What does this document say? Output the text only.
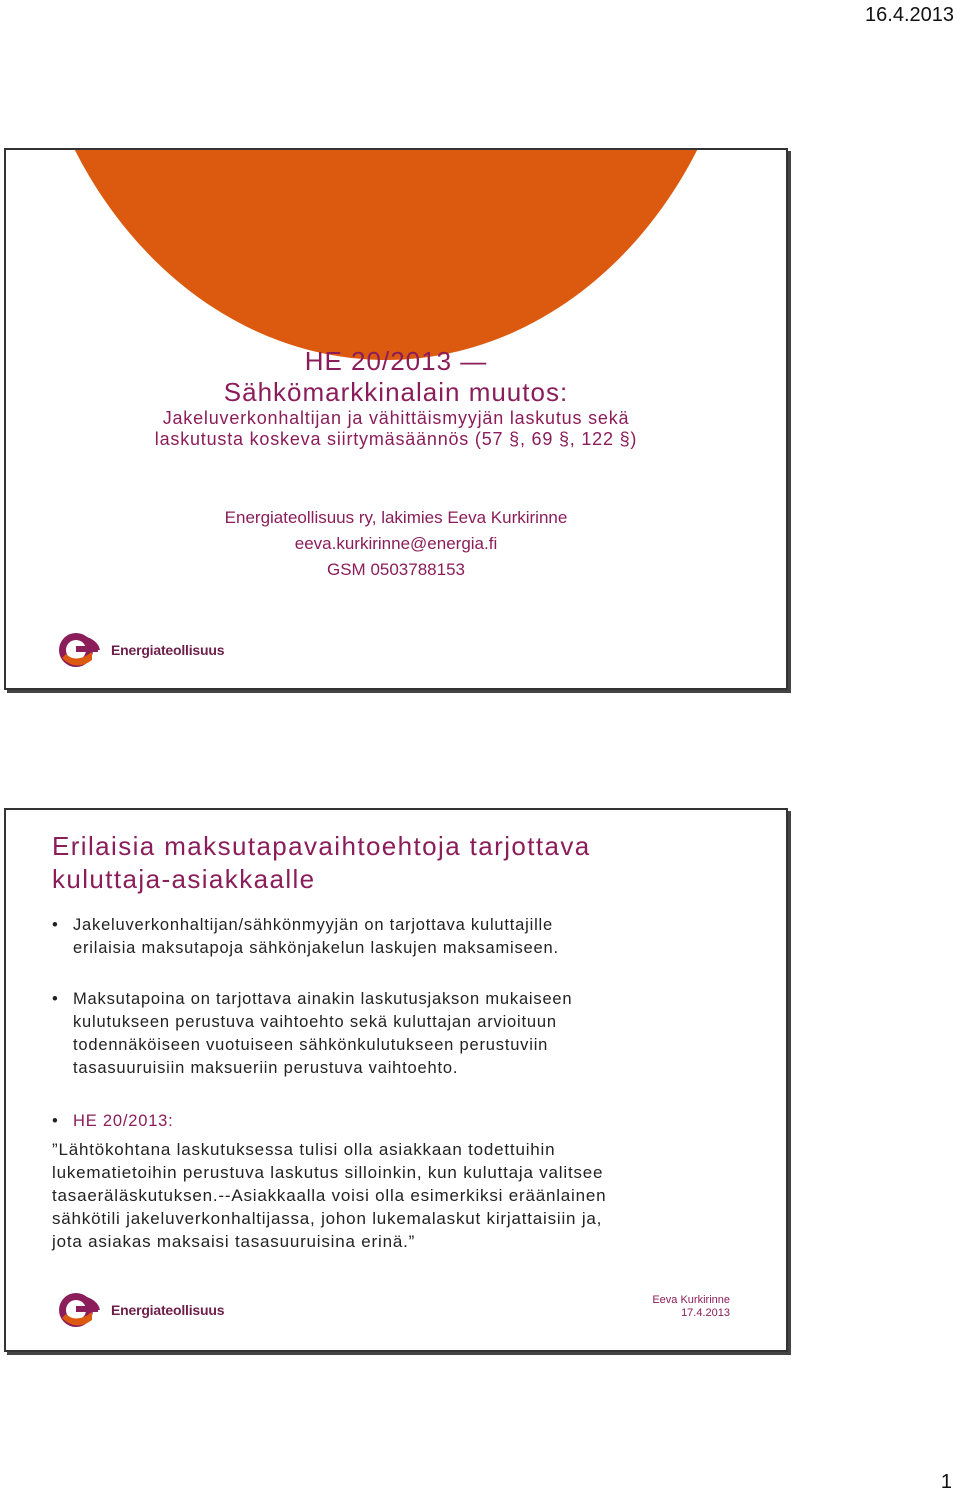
16.4.2013
HE 20/2013 —
Sähkömarkkinalain muutos:
Jakeluverkonhaltijan ja vähittäismyyjän laskutus sekä
laskutusta koskeva siirtymäsäännös (57 §, 69 §, 122 §)
Energiateollisuus ry, lakimies Eeva Kurkirinne
eeva.kurkirinne@energia.fi
GSM 0503788153
Energiateollisuus
Erilaisia maksutapavaihtoehtoja tarjottava
kuluttaja-asiakkaalle
• Jakeluverkonhaltijan/sähkönmyyjän on tarjottava kuluttajille
erilaisia maksutapoja sähkönjakelun laskujen maksamiseen.
• Maksutapoina on tarjottava ainakin laskutusjakson mukaiseen
kulutukseen perustuva vaihtoehto sekä kuluttajan arvioituun
todennäköiseen vuotuiseen sähkönkulutukseen perustuviin
tasasuuruisiin maksueriin perustuva vaihtoehto.
• HE 20/2013:
”Lähtökohtana laskutuksessa tulisi olla asiakkaan todettuihin
lukematietoihin perustuva laskutus silloinkin, kun kuluttaja valitsee
tasaeräläskutuksen.--Asiakkaalla voisi olla esimerkiksi eräänlainen
sähkötili jakeluverkonhaltijassa, johon lukemalaskut kirjattaisiin ja,
jota asiakas maksaisi tasasuuruisina erinä.”
Energiateollisuus
Eeva Kurkirinne
17.4.2013
1
